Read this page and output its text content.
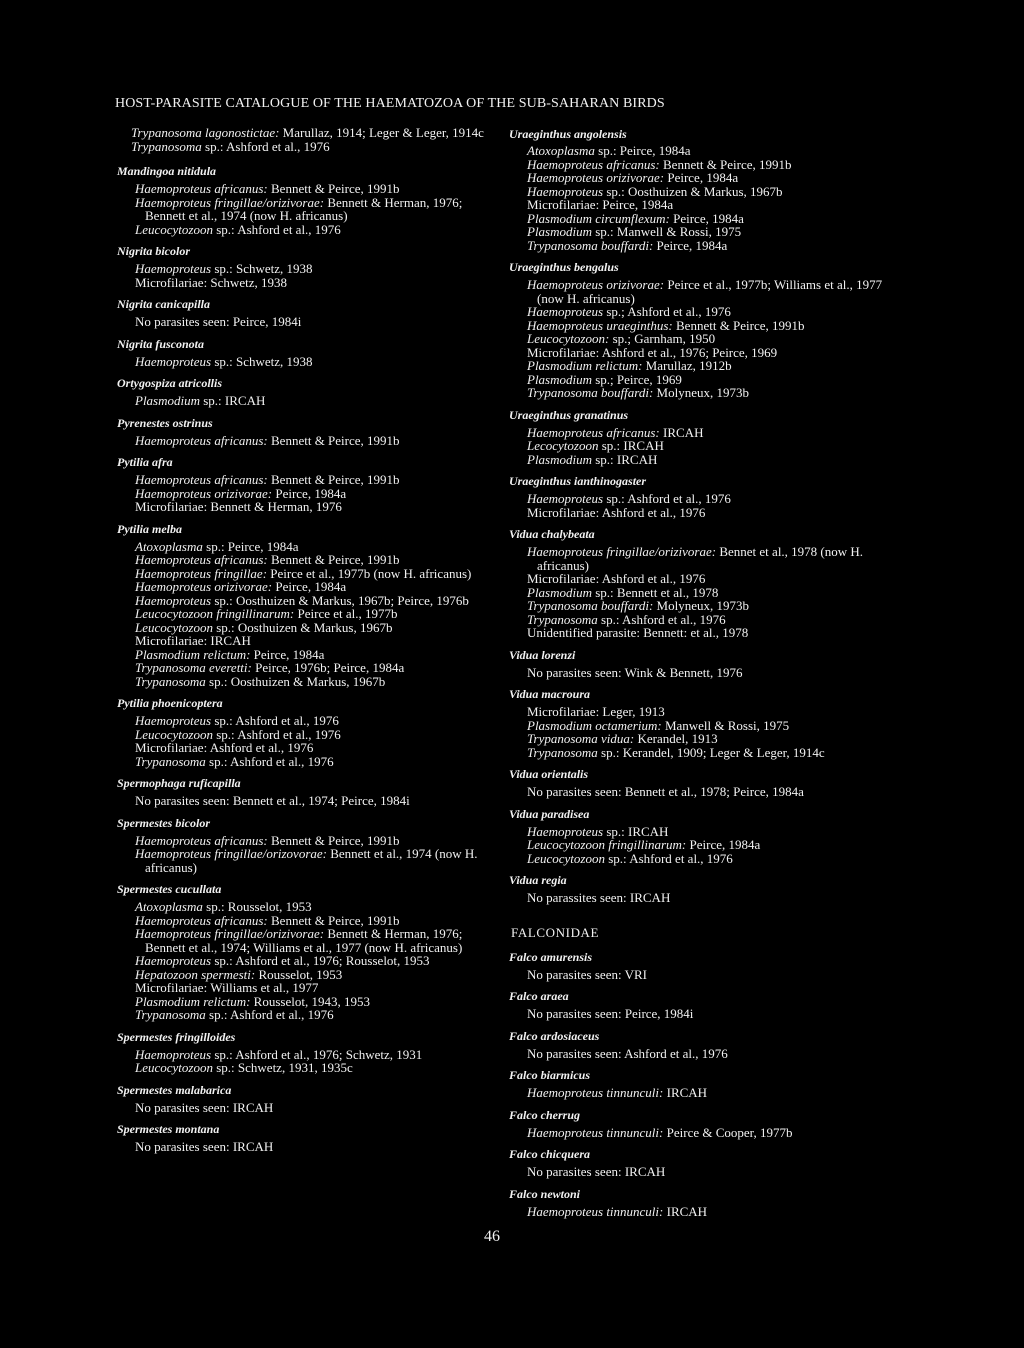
HOST-PARASITE CATALOGUE OF THE HAEMATOZOA OF THE SUB-SAHARAN BIRDS
Trypanosoma lagonostictae: Marullaz, 1914; Leger & Leger, 1914c
Trypanosoma sp.: Ashford et al., 1976
Mandingoa nitidula
Haemoproteus africanus: Bennett & Peirce, 1991b
Haemoproteus fringillae/orizivorae: Bennett & Herman, 1976; Bennett et al., 1974 (now H. africanus)
Leucocytozoon sp.: Ashford et al., 1976
Nigrita bicolor
Haemoproteus sp.: Schwetz, 1938
Microfilariae: Schwetz, 1938
Nigrita canicapilla
No parasites seen: Peirce, 1984i
Nigrita fusconota
Haemoproteus sp.: Schwetz, 1938
Ortygospiza atricollis
Plasmodium sp.: IRCAH
Pyrenestes ostrinus
Haemoproteus africanus: Bennett & Peirce, 1991b
Pytilia afra
Haemoproteus africanus: Bennett & Peirce, 1991b
Haemoproteus orizivorae: Peirce, 1984a
Microfilariae: Bennett & Herman, 1976
Pytilia melba
Atoxoplasma sp.: Peirce, 1984a
Haemoproteus africanus: Bennett & Peirce, 1991b
Haemoproteus fringillae: Peirce et al., 1977b (now H. africanus)
Haemoproteus orizivorae: Peirce, 1984a
Haemoproteus sp.: Oosthuizen & Markus, 1967b; Peirce, 1976b
Leucocytozoon fringillinarum: Peirce et al., 1977b
Leucocytozoon sp.: Oosthuizen & Markus, 1967b
Microfilariae: IRCAH
Plasmodium relictum: Peirce, 1984a
Trypanosoma everetti: Peirce, 1976b; Peirce, 1984a
Trypanosoma sp.: Oosthuizen & Markus, 1967b
Pytilia phoenicoptera
Haemoproteus sp.: Ashford et al., 1976
Leucocytozoon sp.: Ashford et al., 1976
Microfilariae: Ashford et al., 1976
Trypanosoma sp.: Ashford et al., 1976
Spermophaga ruficapilla
No parasites seen: Bennett et al., 1974; Peirce, 1984i
Spermestes bicolor
Haemoproteus africanus: Bennett & Peirce, 1991b
Haemoproteus fringillae/orizovorae: Bennett et al., 1974 (now H. africanus)
Spermestes cucullata
Atoxoplasma sp.: Rousselot, 1953
Haemoproteus africanus: Bennett & Peirce, 1991b
Haemoproteus fringillae/orizivorae: Bennett & Herman, 1976; Bennett et al., 1974; Williams et al., 1977 (now H. africanus)
Haemoproteus sp.: Ashford et al., 1976; Rousselot, 1953
Hepatozoon spermesti: Rousselot, 1953
Microfilariae: Williams et al., 1977
Plasmodium relictum: Rousselot, 1943, 1953
Trypanosoma sp.: Ashford et al., 1976
Spermestes fringilloides
Haemoproteus sp.: Ashford et al., 1976; Schwetz, 1931
Leucocytozoon sp.: Schwetz, 1931, 1935c
Spermestes malabarica
No parasites seen: IRCAH
Spermestes montana
No parasites seen: IRCAH
Uraeginthus angolensis
Atoxoplasma sp.: Peirce, 1984a
Haemoproteus africanus: Bennett & Peirce, 1991b
Haemoproteus orizivorae: Peirce, 1984a
Haemoproteus sp.: Oosthuizen & Markus, 1967b
Microfilariae: Peirce, 1984a
Plasmodium circumflexum: Peirce, 1984a
Plasmodium sp.: Manwell & Rossi, 1975
Trypanosoma bouffardi: Peirce, 1984a
Uraeginthus bengalus
Haemoproteus orizivorae: Peirce et al., 1977b; Williams et al., 1977 (now H. africanus)
Haemoproteus sp.; Ashford et al., 1976
Haemoproteus uraeginthus: Bennett & Peirce, 1991b
Leucocytozoon: sp.; Garnham, 1950
Microfilariae: Ashford et al., 1976; Peirce, 1969
Plasmodium relictum: Marullaz, 1912b
Plasmodium sp.; Peirce, 1969
Trypanosoma bouffardi: Molyneux, 1973b
Uraeginthus granatinus
Haemoproteus africanus: IRCAH
Lecocytozoon sp.: IRCAH
Plasmodium sp.: IRCAH
Uraeginthus ianthinogaster
Haemoproteus sp.: Ashford et al., 1976
Microfilariae: Ashford et al., 1976
Vidua chalybeata
Haemoproteus fringillae/orizivorae: Bennet et al., 1978 (now H. africanus)
Microfilariae: Ashford et al., 1976
Plasmodium sp.: Bennett et al., 1978
Trypanosoma bouffardi: Molyneux, 1973b
Trypanosoma sp.: Ashford et al., 1976
Unidentified parasite: Bennett: et al., 1978
Vidua lorenzi
No parasites seen: Wink & Bennett, 1976
Vidua macroura
Microfilariae: Leger, 1913
Plasmodium octamerium: Manwell & Rossi, 1975
Trypanosoma vidua: Kerandel, 1913
Trypanosoma sp.: Kerandel, 1909; Leger & Leger, 1914c
Vidua orientalis
No parasites seen: Bennett et al., 1978; Peirce, 1984a
Vidua paradisea
Haemoproteus sp.: IRCAH
Leucocytozoon fringillinarum: Peirce, 1984a
Leucocytozoon sp.: Ashford et al., 1976
Vidua regia
No parassites seen: IRCAH
FALCONIDAE
Falco amurensis
No parasites seen: VRI
Falco araea
No parasites seen: Peirce, 1984i
Falco ardosiaceus
No parasites seen: Ashford et al., 1976
Falco biarmicus
Haemoproteus tinnunculi: IRCAH
Falco cherrug
Haemoproteus tinnunculi: Peirce & Cooper, 1977b
Falco chicquera
No parasites seen: IRCAH
Falco newtoni
Haemoproteus tinnunculi: IRCAH
46
